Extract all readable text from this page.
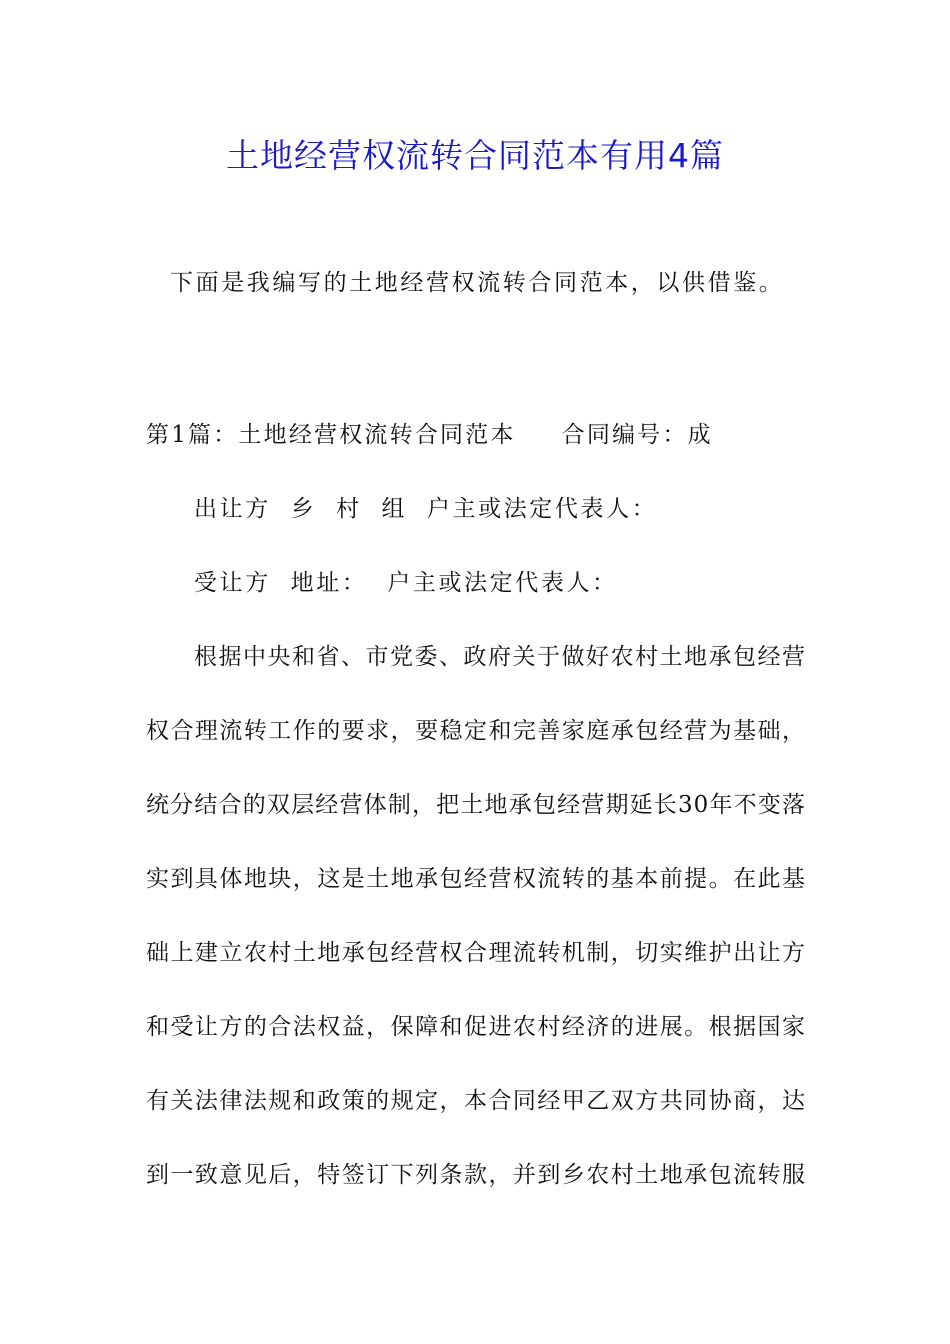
土地经营权流转合同范本有用4篇

下面是我编写的土地经营权流转合同范本，以供借鉴。

第1篇：土地经营权流转合同范本 合同编号：成

出让方  乡  村  组  户主或法定代表人：

受让方  地址：  户主或法定代表人：

根据中央和省、市党委、政府关于做好农村土地承包经营

权合理流转工作的要求，要稳定和完善家庭承包经营为基础，

统分结合的双层经营体制，把土地承包经营期延长30年不变落

实到具体地块，这是土地承包经营权流转的基本前提。在此基

础上建立农村土地承包经营权合理流转机制，切实维护出让方

和受让方的合法权益，保障和促进农村经济的进展。根据国家

有关法律法规和政策的规定，本合同经甲乙双方共同协商，达

到一致意见后，特签订下列条款，并到乡农村土地承包流转服
